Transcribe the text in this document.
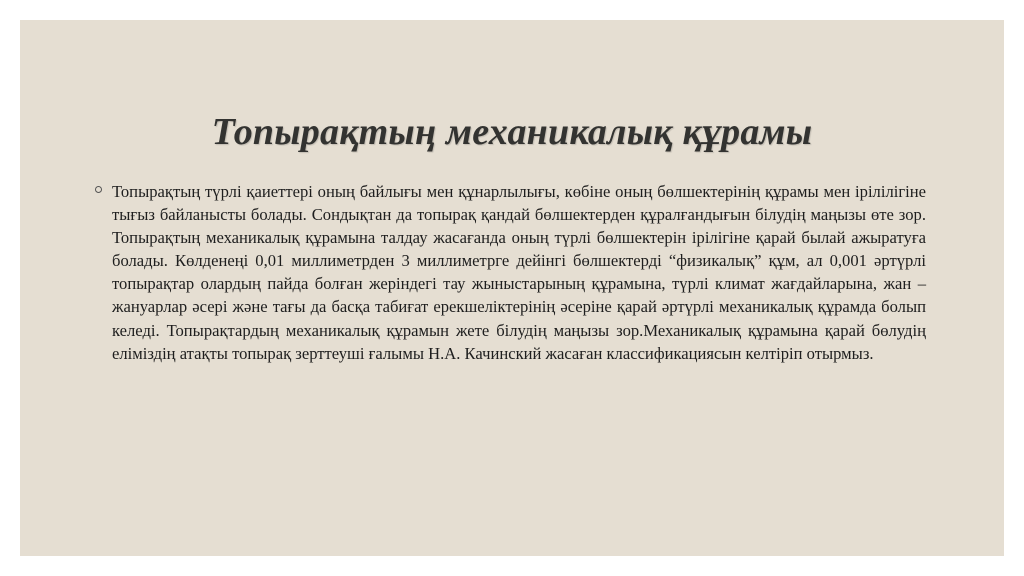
Топырақтың механикалық құрамы

Топырақтың түрлі қаиеттері оның байлығы мен құнарлылығы, көбіне оның бөлшектерінің құрамы мен ірілілігіне тығыз байланысты болады. Сондықтан да топырақ қандай бөлшектерден құралғандығын білудің маңызы өте зор. Топырақтың механикалық құрамына талдау жасағанда оның түрлі бөлшектерін ірілігіне қарай былай ажыратуға болады. Көлденеңі 0,01 миллиметрден 3 миллиметрге дейінгі бөлшектерді “физикалық” құм, ал 0,001 әртүрлі топырақтар олардың пайда болған жеріндегі тау жыныстарының құрамына, түрлі климат жағдайларына, жан – жануарлар әсері және тағы да басқа табиғат ерекшеліктерінің әсеріне қарай әртүрлі механикалық құрамда болып келеді. Топырақтардың механикалық құрамын жете білудің маңызы зор.Механикалық құрамына қарай бөлудің еліміздің атақты топырақ зерттеуші ғалымы Н.А. Качинский жасаған классификациясын келтіріп отырмыз.
